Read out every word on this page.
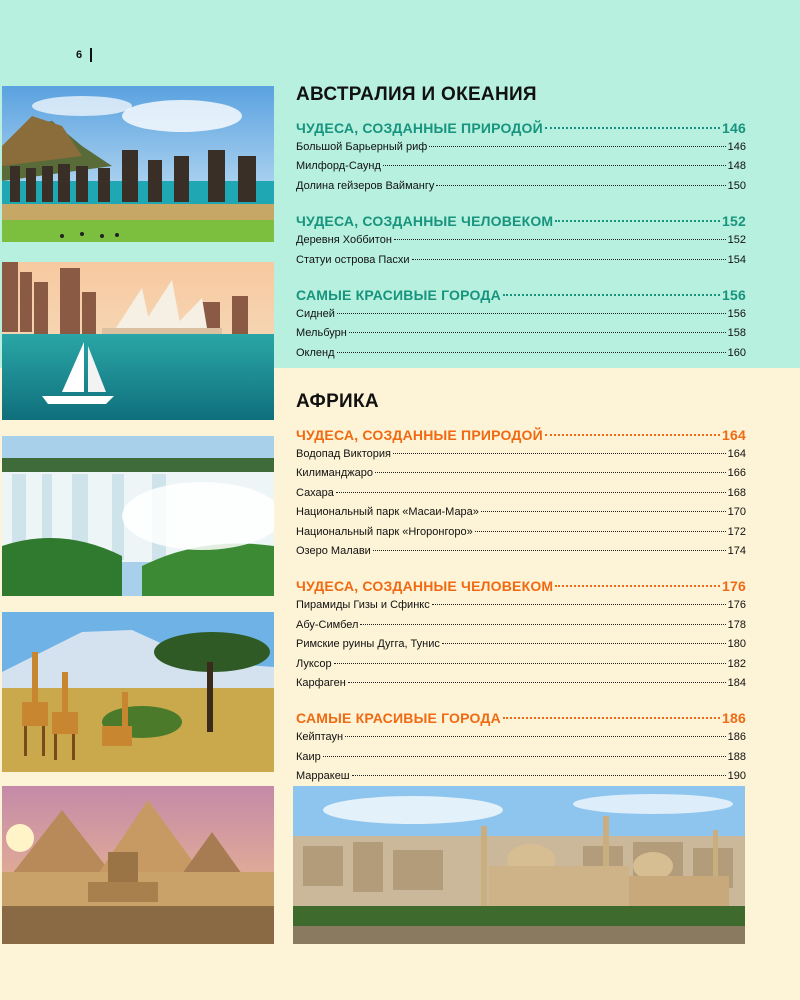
6
АВСТРАЛИЯ И ОКЕАНИЯ
ЧУДЕСА, СОЗДАННЫЕ ПРИРОДОЙ	146
Большой Барьерный риф	146
Милфорд-Саунд	148
Долина гейзеров Ваймангу	150
ЧУДЕСА, СОЗДАННЫЕ ЧЕЛОВЕКОМ	152
Деревня Хоббитон	152
Статуи острова Пасхи	154
САМЫЕ КРАСИВЫЕ ГОРОДА	156
Сидней	156
Мельбурн	158
Окленд	160
АФРИКА
ЧУДЕСА, СОЗДАННЫЕ ПРИРОДОЙ	164
Водопад Виктория	164
Килиманджаро	166
Сахара	168
Национальный парк «Масаи-Мара»	170
Национальный парк «Нгоронгоро»	172
Озеро Малави	174
ЧУДЕСА, СОЗДАННЫЕ ЧЕЛОВЕКОМ	176
Пирамиды Гизы и Сфинкс	176
Абу-Симбел	178
Римские руины Дугга, Тунис	180
Луксор	182
Карфаген	184
САМЫЕ КРАСИВЫЕ ГОРОДА	186
Кейптаун	186
Каир	188
Марракеш	190
